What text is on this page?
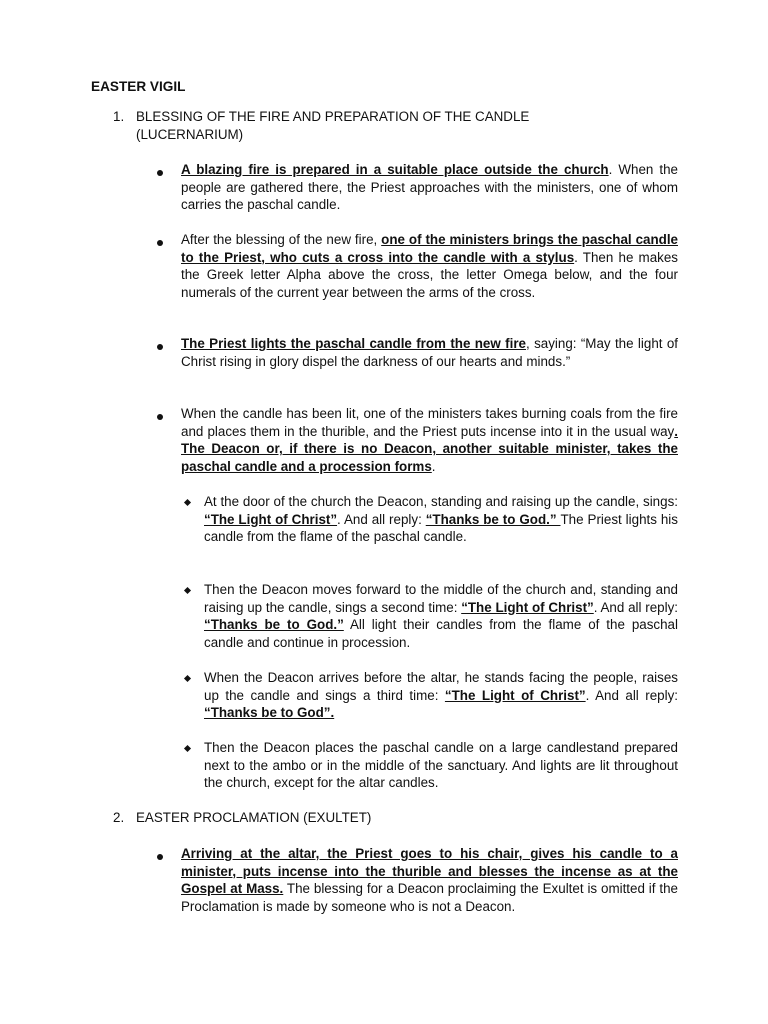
EASTER VIGIL
1. BLESSING OF THE FIRE AND PREPARATION OF THE CANDLE
(LUCERNARIUM)

A blazing fire is prepared in a suitable place outside the church. When the people are gathered there, the Priest approaches with the ministers, one of whom carries the paschal candle.

After the blessing of the new fire, one of the ministers brings the paschal candle to the Priest, who cuts a cross into the candle with a stylus. Then he makes the Greek letter Alpha above the cross, the letter Omega below, and the four numerals of the current year between the arms of the cross.

The Priest lights the paschal candle from the new fire, saying: “May the light of Christ rising in glory dispel the darkness of our hearts and minds.”

When the candle has been lit, one of the ministers takes burning coals from the fire and places them in the thurible, and the Priest puts incense into it in the usual way. The Deacon or, if there is no Deacon, another suitable minister, takes the paschal candle and a procession forms.

At the door of the church the Deacon, standing and raising up the candle, sings: “The Light of Christ”. And all reply: “Thanks be to God.” The Priest lights his candle from the flame of the paschal candle.

Then the Deacon moves forward to the middle of the church and, standing and raising up the candle, sings a second time: “The Light of Christ”. And all reply: “Thanks be to God.” All light their candles from the flame of the paschal candle and continue in procession.

When the Deacon arrives before the altar, he stands facing the people, raises up the candle and sings a third time: “The Light of Christ”. And all reply: “Thanks be to God”.

Then the Deacon places the paschal candle on a large candlestand prepared next to the ambo or in the middle of the sanctuary. And lights are lit throughout the church, except for the altar candles.

2. EASTER PROCLAMATION (EXULTET)

Arriving at the altar, the Priest goes to his chair, gives his candle to a minister, puts incense into the thurible and blesses the incense as at the Gospel at Mass. The blessing for a Deacon proclaiming the Exultet is omitted if the Proclamation is made by someone who is not a Deacon.
